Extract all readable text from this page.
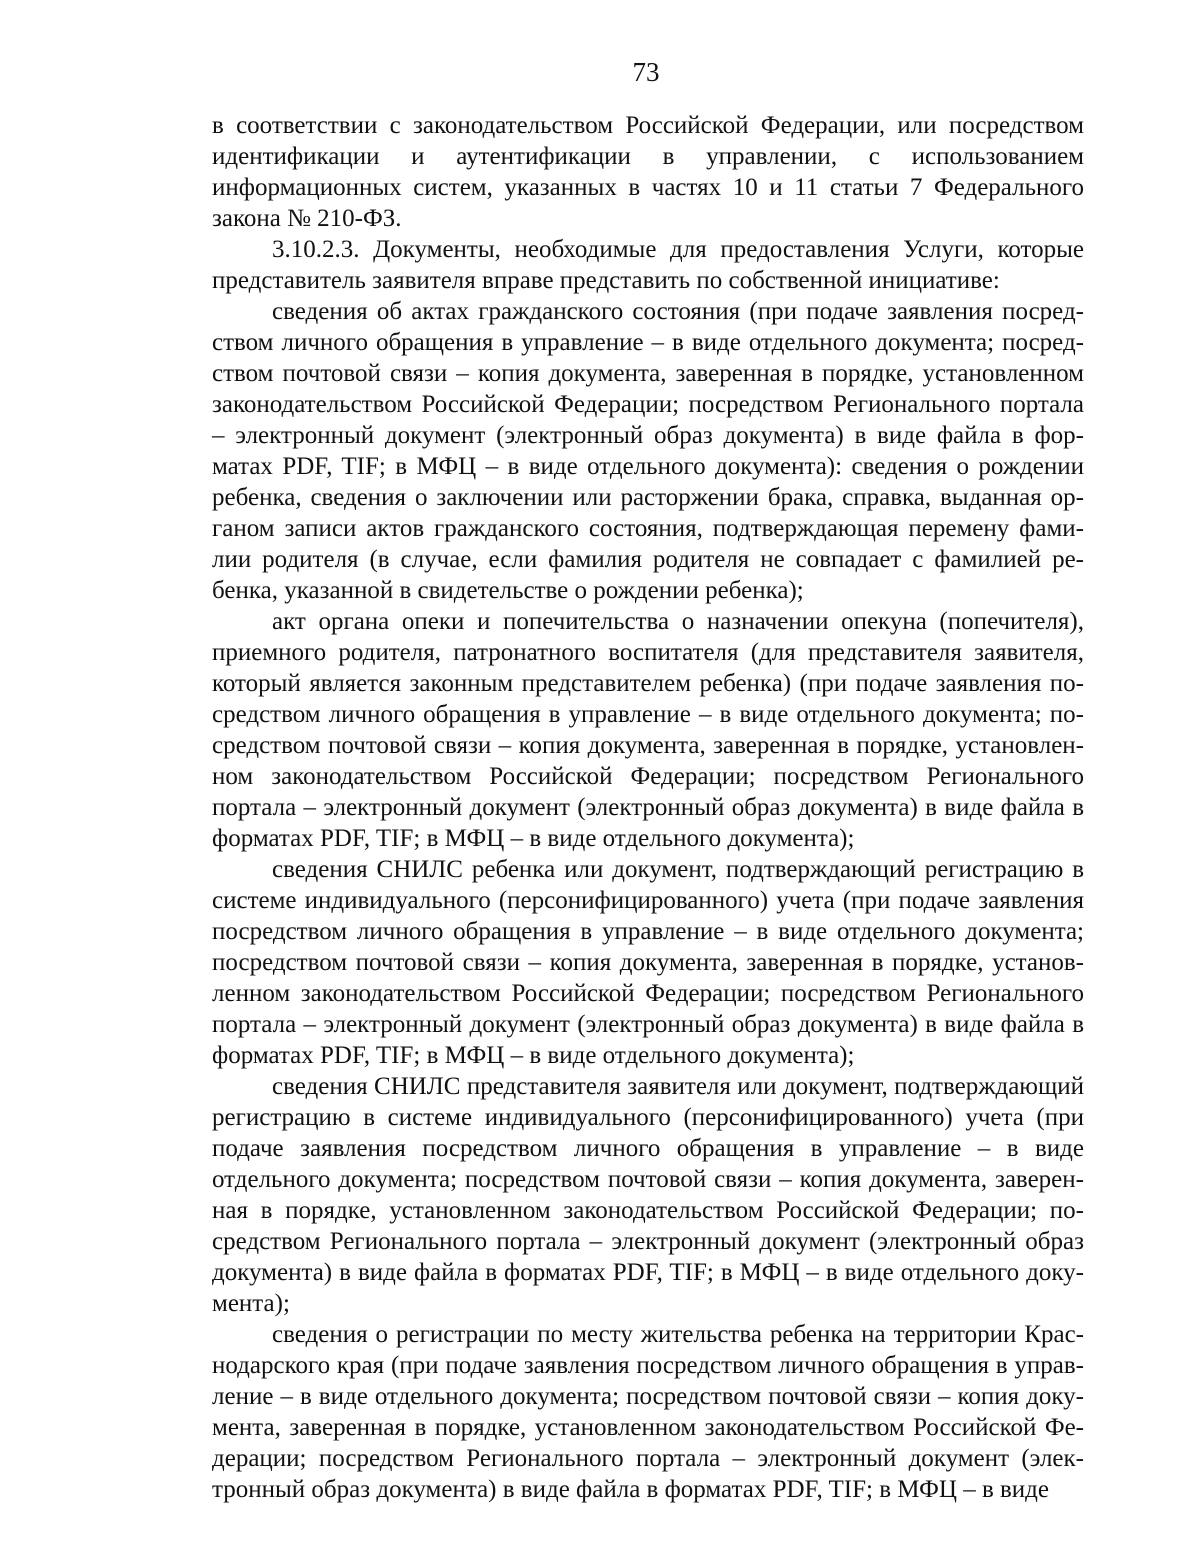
73

в соответствии с законодательством Российской Федерации, или посредством идентификации и аутентификации в управлении, с использованием информационных систем, указанных в частях 10 и 11 статьи 7 Федерального закона № 210-ФЗ.

3.10.2.3. Документы, необходимые для предоставления Услуги, которые представитель заявителя вправе представить по собственной инициативе:

сведения об актах гражданского состояния (при подаче заявления посредством личного обращения в управление – в виде отдельного документа; посредством почтовой связи – копия документа, заверенная в порядке, установленном законодательством Российской Федерации; посредством Регионального портала – электронный документ (электронный образ документа) в виде файла в форматах PDF, TIF; в МФЦ – в виде отдельного документа): сведения о рождении ребенка, сведения о заключении или расторжении брака, справка, выданная органом записи актов гражданского состояния, подтверждающая перемену фамилии родителя (в случае, если фамилия родителя не совпадает с фамилией ребенка, указанной в свидетельстве о рождении ребенка);

акт органа опеки и попечительства о назначении опекуна (попечителя), приемного родителя, патронатного воспитателя (для представителя заявителя, который является законным представителем ребенка) (при подаче заявления посредством личного обращения в управление – в виде отдельного документа; посредством почтовой связи – копия документа, заверенная в порядке, установленном законодательством Российской Федерации; посредством Регионального портала – электронный документ (электронный образ документа) в виде файла в форматах PDF, TIF; в МФЦ – в виде отдельного документа);

сведения СНИЛС ребенка или документ, подтверждающий регистрацию в системе индивидуального (персонифицированного) учета (при подаче заявления посредством личного обращения в управление – в виде отдельного документа; посредством почтовой связи – копия документа, заверенная в порядке, установленном законодательством Российской Федерации; посредством Регионального портала – электронный документ (электронный образ документа) в виде файла в форматах PDF, TIF; в МФЦ – в виде отдельного документа);

сведения СНИЛС представителя заявителя или документ, подтверждающий регистрацию в системе индивидуального (персонифицированного) учета (при подаче заявления посредством личного обращения в управление – в виде отдельного документа; посредством почтовой связи – копия документа, заверенная в порядке, установленном законодательством Российской Федерации; посредством Регионального портала – электронный документ (электронный образ документа) в виде файла в форматах PDF, TIF; в МФЦ – в виде отдельного документа);

сведения о регистрации по месту жительства ребенка на территории Краснодарского края (при подаче заявления посредством личного обращения в управление – в виде отдельного документа; посредством почтовой связи – копия документа, заверенная в порядке, установленном законодательством Российской Федерации; посредством Регионального портала – электронный документ (электронный образ документа) в виде файла в форматах PDF, TIF; в МФЦ – в виде
